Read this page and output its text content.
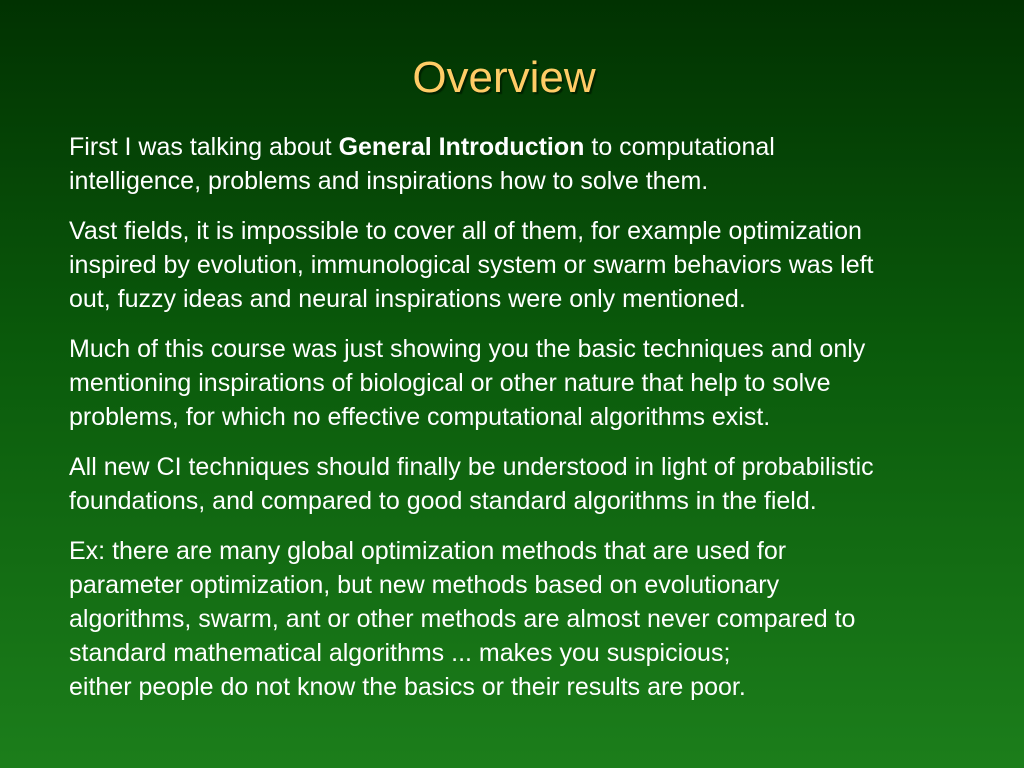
Overview

First I was talking about General Introduction to computational
intelligence, problems and inspirations how to solve them.

Vast fields, it is impossible to cover all of them, for example optimization
inspired by evolution, immunological system or swarm behaviors was left
out, fuzzy ideas and neural inspirations were only mentioned.

Much of this course was just showing you the basic techniques and only
mentioning inspirations of biological or other nature that help to solve
problems, for which no effective computational algorithms exist.

All new CI techniques should finally be understood in light of probabilistic
foundations, and compared to good standard algorithms in the field.

Ex: there are many global optimization methods that are used for
parameter optimization, but new methods based on evolutionary
algorithms, swarm, ant or other methods are almost never compared to
standard mathematical algorithms ... makes you suspicious;
either people do not know the basics or their results are poor.
